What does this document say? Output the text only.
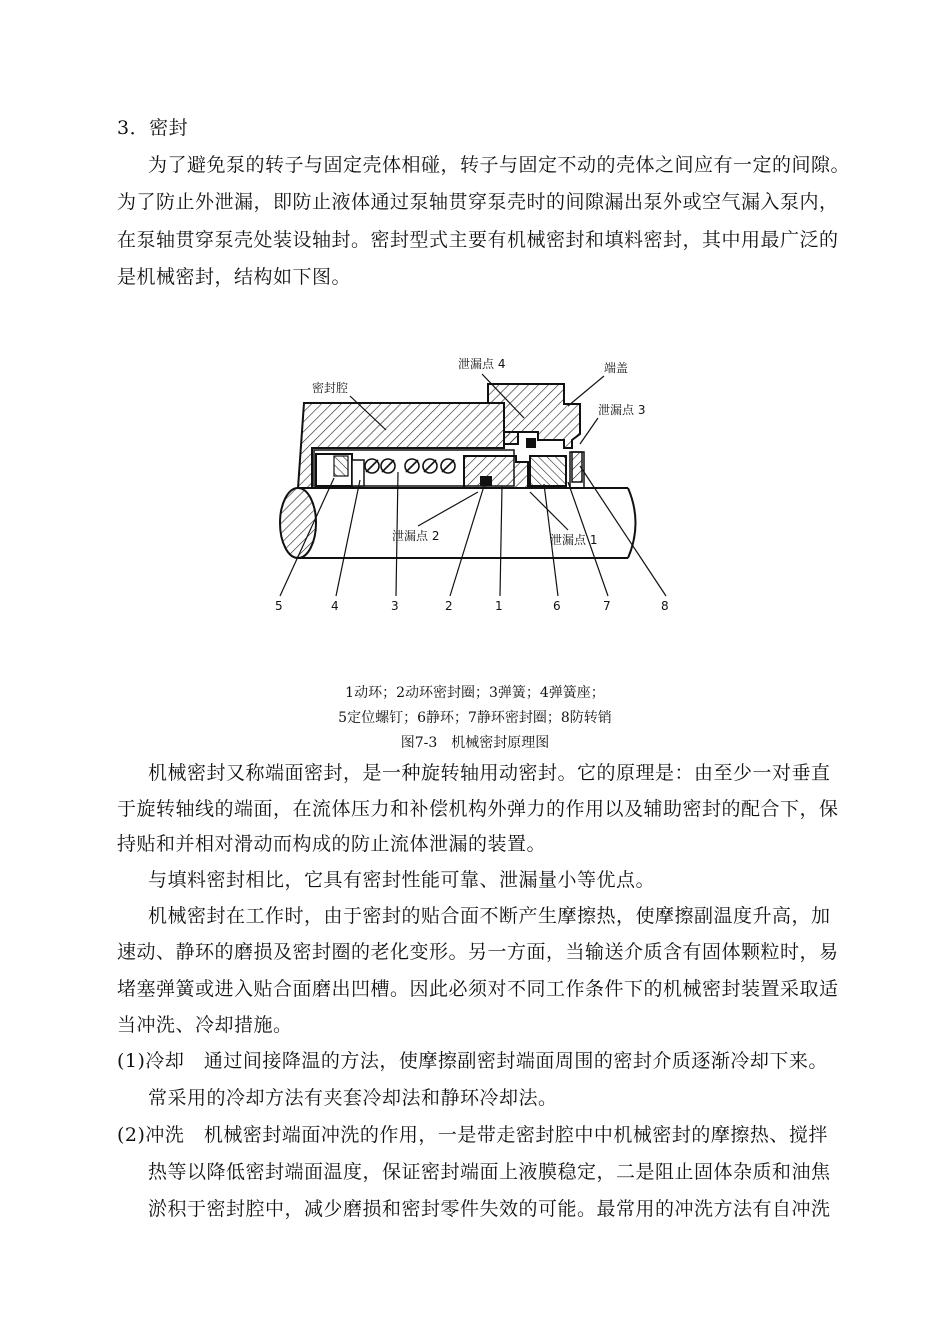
3．密封
为了避免泵的转子与固定壳体相碰，转子与固定不动的壳体之间应有一定的间隙。
为了防止外泄漏，即防止液体通过泵轴贯穿泵壳时的间隙漏出泵外或空气漏入泵内，
在泵轴贯穿泵壳处装设轴封。密封型式主要有机械密封和填料密封，其中用最广泛的
是机械密封，结构如下图。
泄漏点 4	端盖
密封腔
泄漏点 3
泄漏点 2	泄漏点 1
5	4	3	2	1	6	7	8
1动环；2动环密封圈；3弹簧；4弹簧座；
5定位螺钉；6静环；7静环密封圈；8防转销
图7-3　机械密封原理图
机械密封又称端面密封，是一种旋转轴用动密封。它的原理是：由至少一对垂直
于旋转轴线的端面，在流体压力和补偿机构外弹力的作用以及辅助密封的配合下，保
持贴和并相对滑动而构成的防止流体泄漏的装置。
与填料密封相比，它具有密封性能可靠、泄漏量小等优点。
机械密封在工作时，由于密封的贴合面不断产生摩擦热，使摩擦副温度升高，加
速动、静环的磨损及密封圈的老化变形。另一方面，当输送介质含有固体颗粒时，易
堵塞弹簧或进入贴合面磨出凹槽。因此必须对不同工作条件下的机械密封装置采取适
当冲洗、冷却措施。
(1)冷却　通过间接降温的方法，使摩擦副密封端面周围的密封介质逐渐冷却下来。
常采用的冷却方法有夹套冷却法和静环冷却法。
(2)冲洗　机械密封端面冲洗的作用，一是带走密封腔中中机械密封的摩擦热、搅拌
热等以降低密封端面温度，保证密封端面上液膜稳定，二是阻止固体杂质和油焦
淤积于密封腔中，减少磨损和密封零件失效的可能。最常用的冲洗方法有自冲洗
